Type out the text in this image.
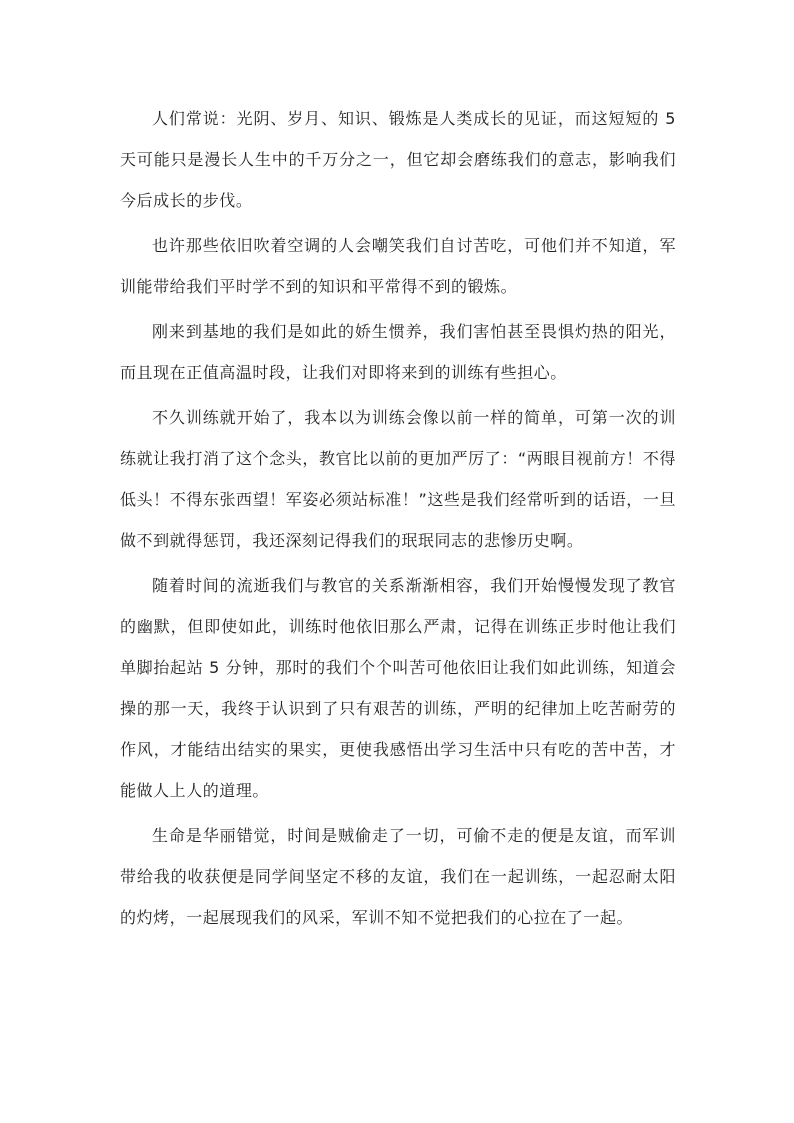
人们常说：光阴、岁月、知识、锻炼是人类成长的见证，而这短短的 5 天可能只是漫长人生中的千万分之一，但它却会磨练我们的意志，影响我们今后成长的步伐。

也许那些依旧吹着空调的人会嘲笑我们自讨苦吃，可他们并不知道，军训能带给我们平时学不到的知识和平常得不到的锻炼。

刚来到基地的我们是如此的娇生惯养，我们害怕甚至畏惧灼热的阳光，而且现在正值高温时段，让我们对即将来到的训练有些担心。

不久训练就开始了，我本以为训练会像以前一样的简单，可第一次的训练就让我打消了这个念头，教官比以前的更加严厉了：“两眼目视前方！不得低头！不得东张西望！军姿必须站标准！”这些是我们经常听到的话语，一旦做不到就得惩罚，我还深刻记得我们的珉珉同志的悲惨历史啊。

随着时间的流逝我们与教官的关系渐渐相容，我们开始慢慢发现了教官的幽默，但即使如此，训练时他依旧那么严肃，记得在训练正步时他让我们单脚抬起站 5 分钟，那时的我们个个叫苦可他依旧让我们如此训练，知道会操的那一天，我终于认识到了只有艰苦的训练，严明的纪律加上吃苦耐劳的作风，才能结出结实的果实，更使我感悟出学习生活中只有吃的苦中苦，才能做人上人的道理。

生命是华丽错觉，时间是贼偷走了一切，可偷不走的便是友谊，而军训带给我的收获便是同学间坚定不移的友谊，我们在一起训练，一起忍耐太阳的灼烤，一起展现我们的风采，军训不知不觉把我们的心拉在了一起。
